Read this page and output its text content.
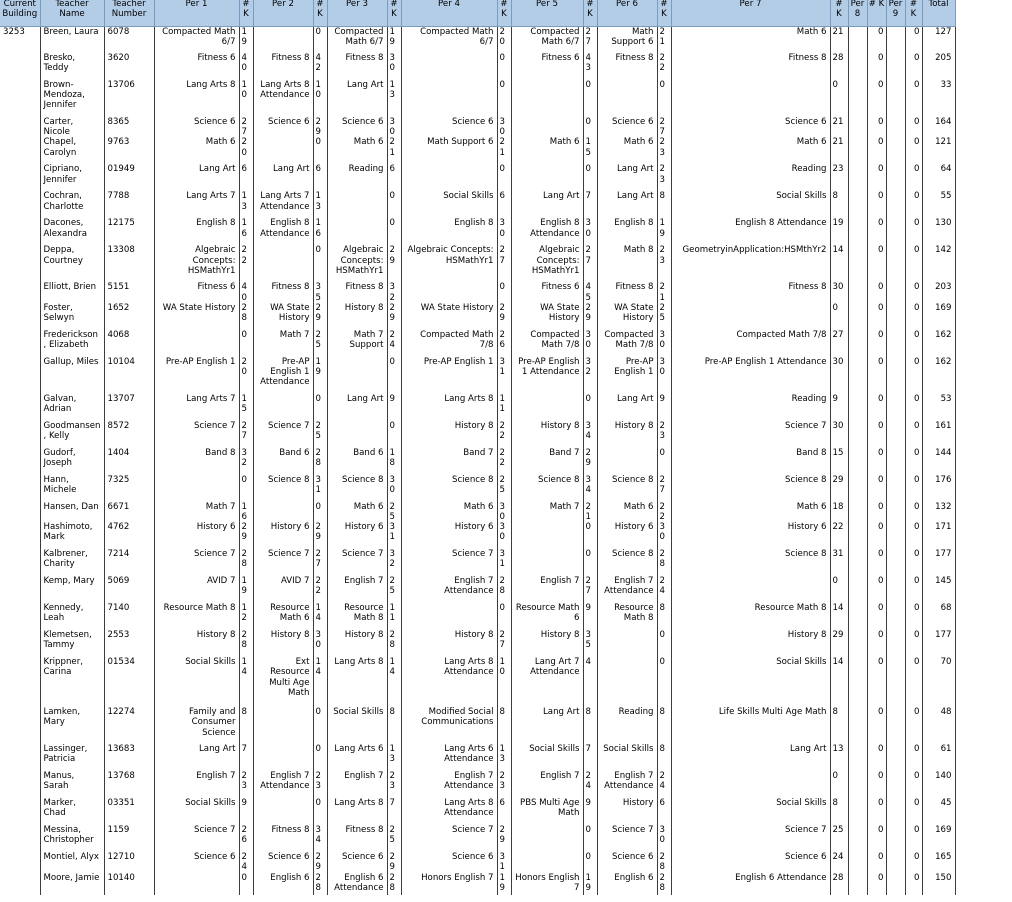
Current Building	Teacher Name	Teacher Number	Per 1	# K	Per 2	# K	Per 3	# K	Per 4	# K	Per 5	# K	Per 6	# K	Per 7	# K	Per 8	# K	Per 9	# K	Total
3253	Breen, Laura	6078	Compacted Math 6/7	19		0	Compacted Math 6/7	19	Compacted Math 6/7	20	Compacted Math 6/7	27	Math Support 6	21	Math 6	21		0		0	127
	Bresko, Teddy	3620	Fitness 6	40	Fitness 8	42	Fitness 8	30		0	Fitness 6	43	Fitness 8	22	Fitness 8	28		0		0	205
	Brown-Mendoza, Jennifer	13706	Lang Arts 8	10	Lang Arts 8 Attendance	10	Lang Art	13		0		0		0		0		0		0	33
	Carter, Nicole	8365	Science 6	27	Science 6	29	Science 6	30	Science 6	30		0	Science 6	27	Science 6	21		0		0	164
	Chapel, Carolyn	9763	Math 6	20		0	Math 6	21	Math Support 6	21	Math 6	15	Math 6	23	Math 6	21		0		0	121
	Cipriano, Jennifer	01949	Lang Art	6	Lang Art	6	Reading	6		0		0	Lang Art	23	Reading	23		0		0	64
	Cochran, Charlotte	7788	Lang Arts 7	13	Lang Arts 7 Attendance	13		0	Social Skills	6	Lang Art	7	Lang Art	8	Social Skills	8		0		0	55
	Dacones, Alexandra	12175	English 8	16	English 8 Attendance	16		0	English 8	30	English 8 Attendance	30	English 8	19	English 8 Attendance	19		0		0	130
	Deppa, Courtney	13308	Algebraic Concepts: HSMathYr1	22		0	Algebraic Concepts: HSMathYr1	29	Algebraic Concepts: HSMathYr1	27	Algebraic Concepts: HSMathYr1	27	Math 8	23	GeometryinApplication:HSMthYr2	14		0		0	142
	Elliott, Brien	5151	Fitness 6	40	Fitness 8	35	Fitness 8	32		0	Fitness 6	45	Fitness 8	21	Fitness 8	30		0		0	203
	Foster, Selwyn	1652	WA State History	28	WA State History	29	History 8	29	WA State History	29	WA State History	29	WA State History	25		0		0		0	169
	Frederickson, Elizabeth	4068		0	Math 7	25	Math 7 Support	24	Compacted Math 7/8	26	Compacted Math 7/8	30	Compacted Math 7/8	30	Compacted Math 7/8	27		0		0	162
	Gallup, Miles	10104	Pre-AP English 1	20	Pre-AP English 1 Attendance	19		0	Pre-AP English 1	31	Pre-AP English 1 Attendance	32	Pre-AP English 1	30	Pre-AP English 1 Attendance	30		0		0	162
	Galvan, Adrian	13707	Lang Arts 7	15		0	Lang Art	9	Lang Arts 8	11		0	Lang Art	9	Reading	9		0		0	53
	Goodmansen, Kelly	8572	Science 7	27	Science 7	25		0	History 8	22	History 8	34	History 8	23	Science 7	30		0		0	161
	Gudorf, Joseph	1404	Band 8	32	Band 6	28	Band 6	18	Band 7	22	Band 7	29		0	Band 8	15		0		0	144
	Hann, Michele	7325		0	Science 8	31	Science 8	30	Science 8	25	Science 8	34	Science 8	27	Science 8	29		0		0	176
	Hansen, Dan	6671	Math 7	16		0	Math 6	25	Math 6	30	Math 7	21	Math 6	22	Math 6	18		0		0	132
	Hashimoto, Mark	4762	History 6	29	History 6	29	History 6	31	History 6	30		0	History 6	30	History 6	22		0		0	171
	Kalbrener, Charity	7214	Science 7	28	Science 7	27	Science 7	32	Science 7	31		0	Science 8	28	Science 8	31		0		0	177
	Kemp, Mary	5069	AVID 7	19	AVID 7	22	English 7	25	English 7 Attendance	28	English 7	27	English 7 Attendance	24		0		0		0	145
	Kennedy, Leah	7140	Resource Math 8	12	Resource Math 6	14	Resource Math 8	11		0	Resource Math 6	9	Resource Math 8	8	Resource Math 8	14		0		0	68
	Klemetsen, Tammy	2553	History 8	28	History 8	30	History 8	28	History 8	27	History 8	35		0	History 8	29		0		0	177
	Krippner, Carina	01534	Social Skills	14	Ext Resource Multi Age Math	14	Lang Arts 8	14	Lang Arts 8 Attendance	10	Lang Art 7 Attendance	4		0	Social Skills	14		0		0	70
	Lamken, Mary	12274	Family and Consumer Science	8		0	Social Skills	8	Modified Social Communications	8	Lang Art	8	Reading	8	Life Skills Multi Age Math	8		0		0	48
	Lassinger, Patricia	13683	Lang Art	7		0	Lang Arts 6	13	Lang Arts 6 Attendance	13	Social Skills	7	Social Skills	8	Lang Art	13		0		0	61
	Manus, Sarah	13768	English 7	23	English 7 Attendance	23	English 7	23	English 7 Attendance	23	English 7	24	English 7 Attendance	24		0		0		0	140
	Marker, Chad	03351	Social Skills	9		0	Lang Arts 8	7	Lang Arts 8 Attendance	6	PBS Multi Age Math	9	History	6	Social Skills	8		0		0	45
	Messina, Christopher	1159	Science 7	26	Fitness 8	34	Fitness 8	25	Science 7	29		0	Science 7	30	Science 7	25		0		0	169
	Montiel, Alyx	12710	Science 6	24	Science 6	29	Science 6	29	Science 6	31		0	Science 6	28	Science 6	24		0		0	165
	Moore, Jamie	10140		0	English 6	28	English 6 Attendance	28	Honors English 7	19	Honors English 7	19	English 6	28	English 6 Attendance	28		0		0	150
